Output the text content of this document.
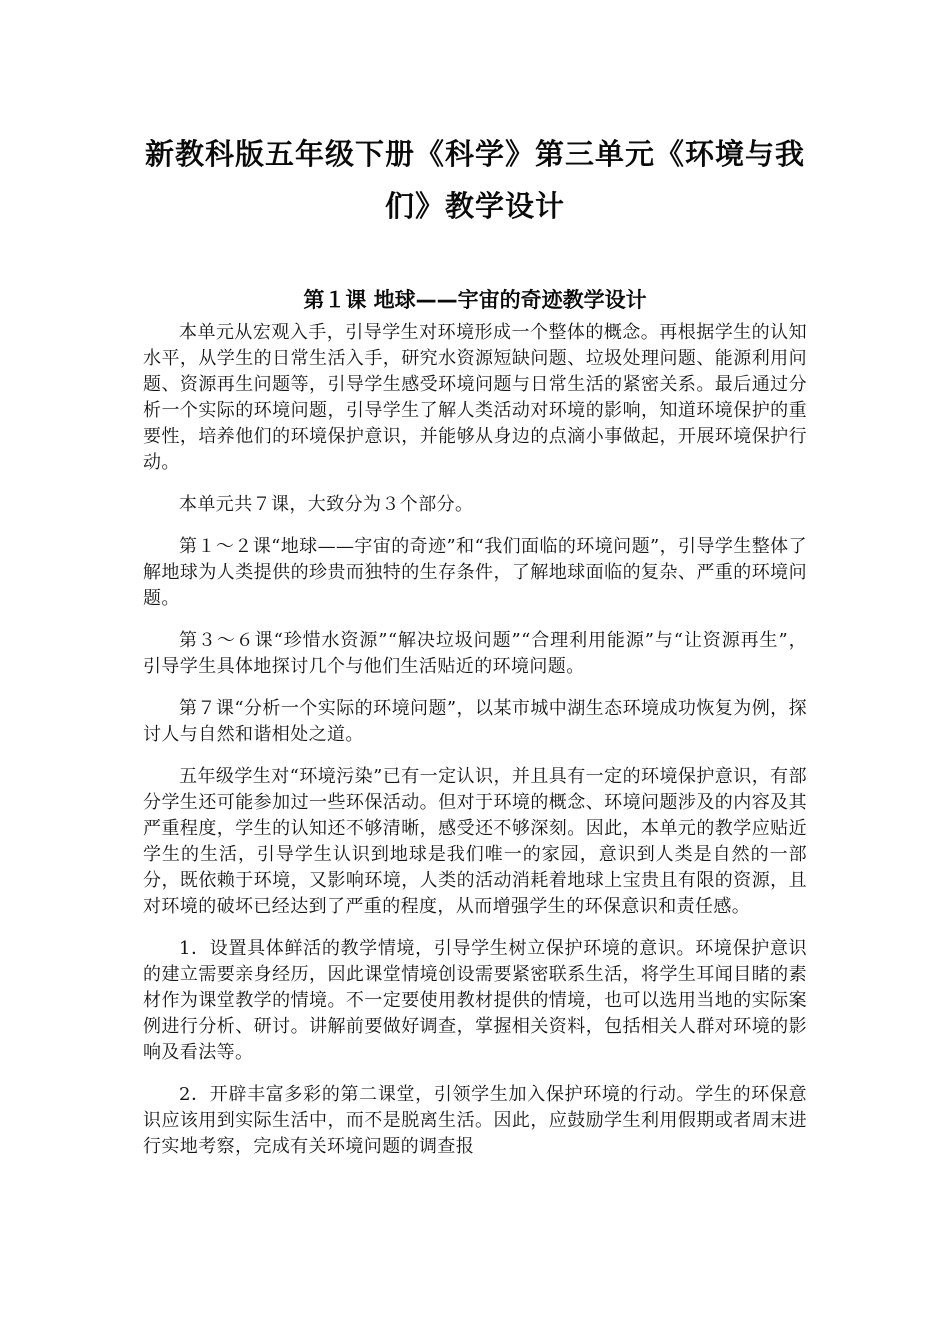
新教科版五年级下册《科学》第三单元《环境与我
们》教学设计
第１课 地球——宇宙的奇迹教学设计

本单元从宏观入手，引导学生对环境形成一个整体的概念。再根据学生的认知水平，从学生的日常生活入手，研究水资源短缺问题、垃圾处理问题、能源利用问题、资源再生问题等，引导学生感受环境问题与日常生活的紧密关系。最后通过分析一个实际的环境问题，引导学生了解人类活动对环境的影响，知道环境保护的重要性，培养他们的环境保护意识，并能够从身边的点滴小事做起，开展环境保护行动。

本单元共７课，大致分为３个部分。

第１～２课“地球——宇宙的奇迹”和“我们面临的环境问题”，引导学生整体了解地球为人类提供的珍贵而独特的生存条件，了解地球面临的复杂、严重的环境问题。

第３～６课“珍惜水资源”“解决垃圾问题”“合理利用能源”与“让资源再生”，引导学生具体地探讨几个与他们生活贴近的环境问题。

第７课“分析一个实际的环境问题”，以某市城中湖生态环境成功恢复为例，探讨人与自然和谐相处之道。

五年级学生对“环境污染”已有一定认识，并且具有一定的环境保护意识，有部分学生还可能参加过一些环保活动。但对于环境的概念、环境问题涉及的内容及其严重程度，学生的认知还不够清晰，感受还不够深刻。因此，本单元的教学应贴近学生的生活，引导学生认识到地球是我们唯一的家园，意识到人类是自然的一部分，既依赖于环境，又影响环境，人类的活动消耗着地球上宝贵且有限的资源，且对环境的破坏已经达到了严重的程度，从而增强学生的环保意识和责任感。

1．设置具体鲜活的教学情境，引导学生树立保护环境的意识。环境保护意识的建立需要亲身经历，因此课堂情境创设需要紧密联系生活，将学生耳闻目睹的素材作为课堂教学的情境。不一定要使用教材提供的情境，也可以选用当地的实际案例进行分析、研讨。讲解前要做好调查，掌握相关资料，包括相关人群对环境的影响及看法等。

2．开辟丰富多彩的第二课堂，引领学生加入保护环境的行动。学生的环保意识应该用到实际生活中，而不是脱离生活。因此，应鼓励学生利用假期或者周末进行实地考察，完成有关环境问题的调查报
